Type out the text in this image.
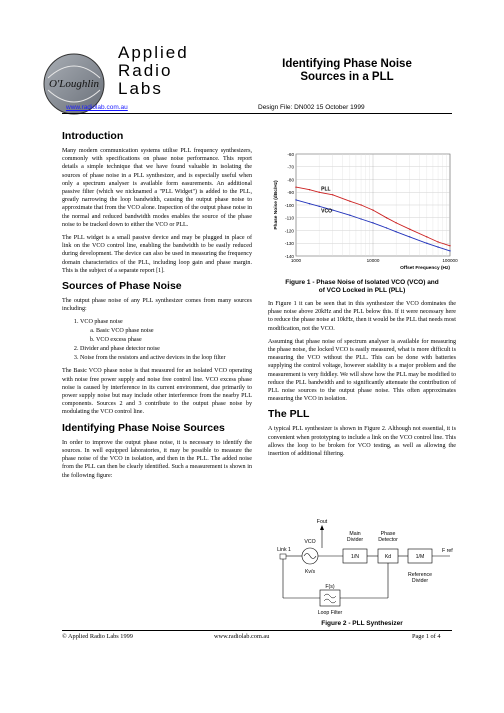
O'Loughlin
Applied
Radio
Labs
Identifying Phase Noise
Sources in a PLL
www.radiolab.com.au	Design File: DN002 15 October 1999
Introduction

Many modern communication systems utilise PLL frequency synthesizers, commonly with specifications on phase noise performance. This report details a simple technique that we have found valuable in isolating the sources of phase noise in a PLL synthesizer, and is especially useful when only a spectrum analyser is available form easurements. An additional passive filter (which we nicknamed a "PLL Widget") is added to the PLL, greatly narrowing the loop bandwidth, causing the output phase noise to approximate that from the VCO alone. Inspection of the output phase noise in the normal and reduced bandwidth modes enables the source of the phase noise to be tracked down to either the VCO or PLL.

The PLL widget is a small passive device and may be plugged in place of link on the VCO control line, enabling the bandwidth to be easily reduced during development. The device can also be used in measuring the frequency domain characteristics of the PLL, including loop gain and phase margin. This is the subject of a separate report [1].

Sources of Phase Noise

The output phase noise of any PLL synthesizer comes from many sources including:

1. VCO phase noise
a. Basic VCO phase noise
b. VCO excess phase
2. Divider and phase detector noise
3. Noise from the resistors and active devices in the loop filter

The Basic VCO phase noise is that measured for an isolated VCO operating with noise free power supply and noise free control line. VCO excess phase noise is caused by interference in its current environment, due primarily to power supply noise but may include other interference from the nearby PLL components. Sources 2 and 3 contribute to the output phase noise by modulating the VCO control line.

Identifying Phase Noise Sources

In order to improve the output phase noise, it is necessary to identify the sources. In well equipped laboratories, it may be possible to measure the phase noise of the VCO in isolation, and then in the PLL. The added noise from the PLL can then be clearly identified. Such a measurement is shown in the following figure:

-60
-70
-80
-90
-100
-110
-120
-130
-140
1000	10000	100000
Offset Frequency (Hz)
Phase Noise (dBc/Hz)	PLL
VCO
Figure 1 - Phase Noise of Isolated VCO (VCO) and
of VCO Locked in PLL (PLL)

In Figure 1 it can be seen that in this synthesizer the VCO dominates the phase noise above 20kHz and the PLL below this. If it were necessary here to reduce the phase noise at 10kHz, then it would be the PLL that needs most modification, not the VCO.

Assuming that phase noise of spectrum analyser is available for measuring the phase noise, the locked VCO is easily measured, what is more difficult is measuring the VCO without the PLL. This can be done with batteries supplying the control voltage, however stability is a major problem and the measurement is very fiddley. We will show how the PLL may be modified to reduce the PLL bandwidth and to significantly attenuate the contribution of PLL noise sources to the output phase noise. This often approximates measuring the VCO in isolation.

The PLL

A typical PLL synthesizer is shown in Figure 2. Although not essential, it is convenient when prototyping to include a link on the VCO control line. This allows the loop to be broken for VCO testing, as well as allowing the insertion of additional filtering.

Fout
Link 1
VCO
Kv/s
Main
Divider
1/N
Phase
Detector
Kd	1/M
Reference
Divider
F ref
F(s)
Loop Filter
Figure 2 - PLL Synthesizer
© Applied Radio Labs 1999	www.radiolab.com.au	Page 1 of 4
